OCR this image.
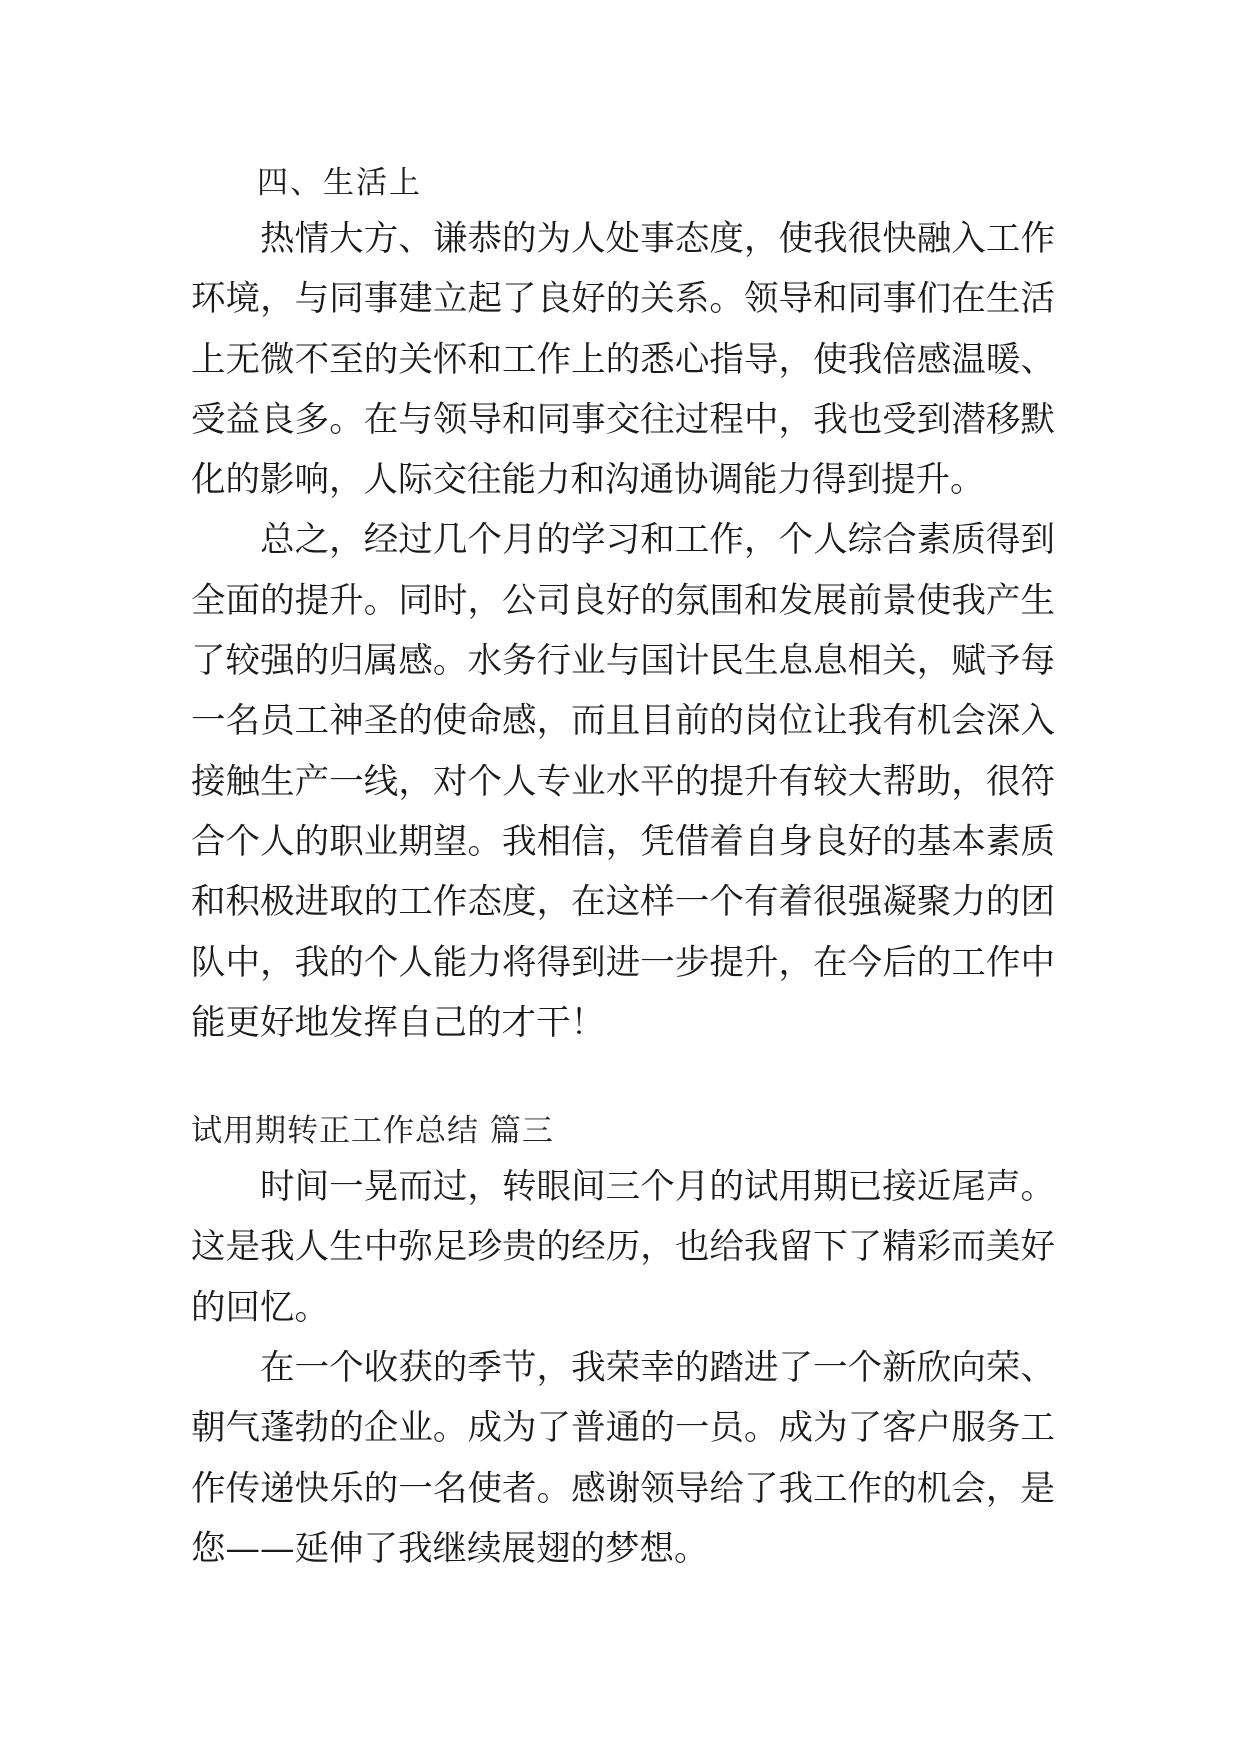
四、生活上

热情大方、谦恭的为人处事态度，使我很快融入工作环境，与同事建立起了良好的关系。领导和同事们在生活上无微不至的关怀和工作上的悉心指导，使我倍感温暖、受益良多。在与领导和同事交往过程中，我也受到潜移默化的影响，人际交往能力和沟通协调能力得到提升。

总之，经过几个月的学习和工作，个人综合素质得到全面的提升。同时，公司良好的氛围和发展前景使我产生了较强的归属感。水务行业与国计民生息息相关，赋予每一名员工神圣的使命感，而且目前的岗位让我有机会深入接触生产一线，对个人专业水平的提升有较大帮助，很符合个人的职业期望。我相信，凭借着自身良好的基本素质和积极进取的工作态度，在这样一个有着很强凝聚力的团队中，我的个人能力将得到进一步提升，在今后的工作中能更好地发挥自己的才干！

试用期转正工作总结 篇三

时间一晃而过，转眼间三个月的试用期已接近尾声。这是我人生中弥足珍贵的经历，也给我留下了精彩而美好的回忆。

在一个收获的季节，我荣幸的踏进了一个新欣向荣、朝气蓬勃的企业。成为了普通的一员。成为了客户服务工作传递快乐的一名使者。感谢领导给了我工作的机会，是您——延伸了我继续展翅的梦想。
